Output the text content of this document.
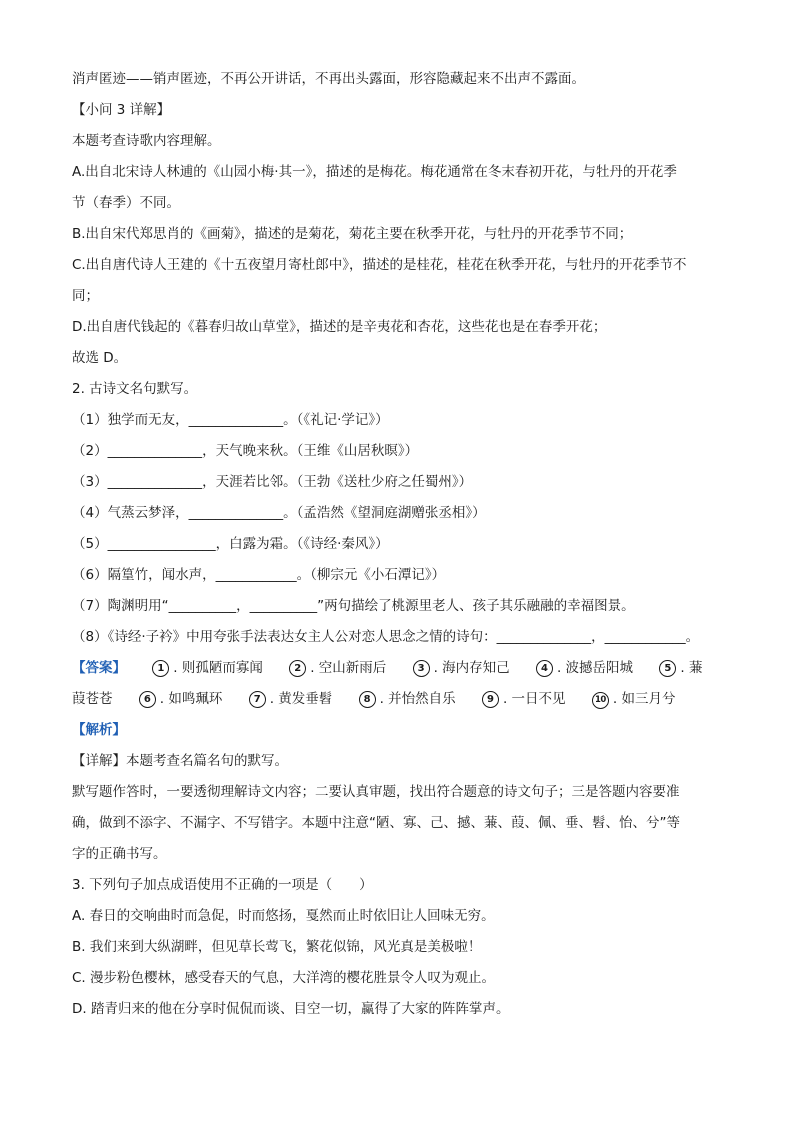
消声匿迹——销声匿迹，不再公开讲话，不再出头露面，形容隐藏起来不出声不露面。
【小问 3 详解】
本题考查诗歌内容理解。
A.出自北宋诗人林逋的《山园小梅·其一》，描述的是梅花。梅花通常在冬末春初开花，与牡丹的开花季
节（春季）不同。
B.出自宋代郑思肖的《画菊》，描述的是菊花，菊花主要在秋季开花，与牡丹的开花季节不同；
C.出自唐代诗人王建的《十五夜望月寄杜郎中》，描述的是桂花，桂花在秋季开花，与牡丹的开花季节不
同；
D.出自唐代钱起的《暮春归故山草堂》，描述的是辛夷花和杏花，这些花也是在春季开花；
故选 D。
2. 古诗文名句默写。
（1）独学而无友，______________。（《礼记·学记》）
（2）______________，天气晚来秋。（王维《山居秋暝》）
（3）______________，天涯若比邻。（王勃《送杜少府之任蜀州》）
（4）气蒸云梦泽，______________。（孟浩然《望洞庭湖赠张丞相》）
（5）________________，白露为霜。（《诗经·秦风》）
（6）隔篁竹，闻水声，____________。（柳宗元《小石潭记》）
（7）陶渊明用“__________，__________”两句描绘了桃源里老人、孩子其乐融融的幸福图景。
（8）《诗经·子衿》中用夸张手法表达女主人公对恋人思念之情的诗句：______________，____________。
【答案】	1 . 则孤陋而寡闻	2 . 空山新雨后	3 . 海内存知己	4 . 波撼岳阳城	5 . 蒹
葭苍苍	6 . 如鸣珮环	7 . 黄发垂髫	8 . 并怡然自乐	9 . 一日不见	10 . 如三月兮
【解析】
【详解】本题考查名篇名句的默写。
默写题作答时，一要透彻理解诗文内容；二要认真审题，找出符合题意的诗文句子；三是答题内容要准
确，做到不添字、不漏字、不写错字。本题中注意“陋、寡、己、撼、蒹、葭、佩、垂、髫、怡、兮”等
字的正确书写。
3. 下列句子加点成语使用不正确的一项是（　　）
A. 春日的交响曲时而急促，时而悠扬，戛然而止时依旧让人回味无穷。
B. 我们来到大纵湖畔，但见草长莺飞，繁花似锦，风光真是美极啦！
C. 漫步粉色樱林，感受春天的气息，大洋湾的樱花胜景令人叹为观止。
D. 踏青归来的他在分享时侃侃而谈、目空一切，赢得了大家的阵阵掌声。
